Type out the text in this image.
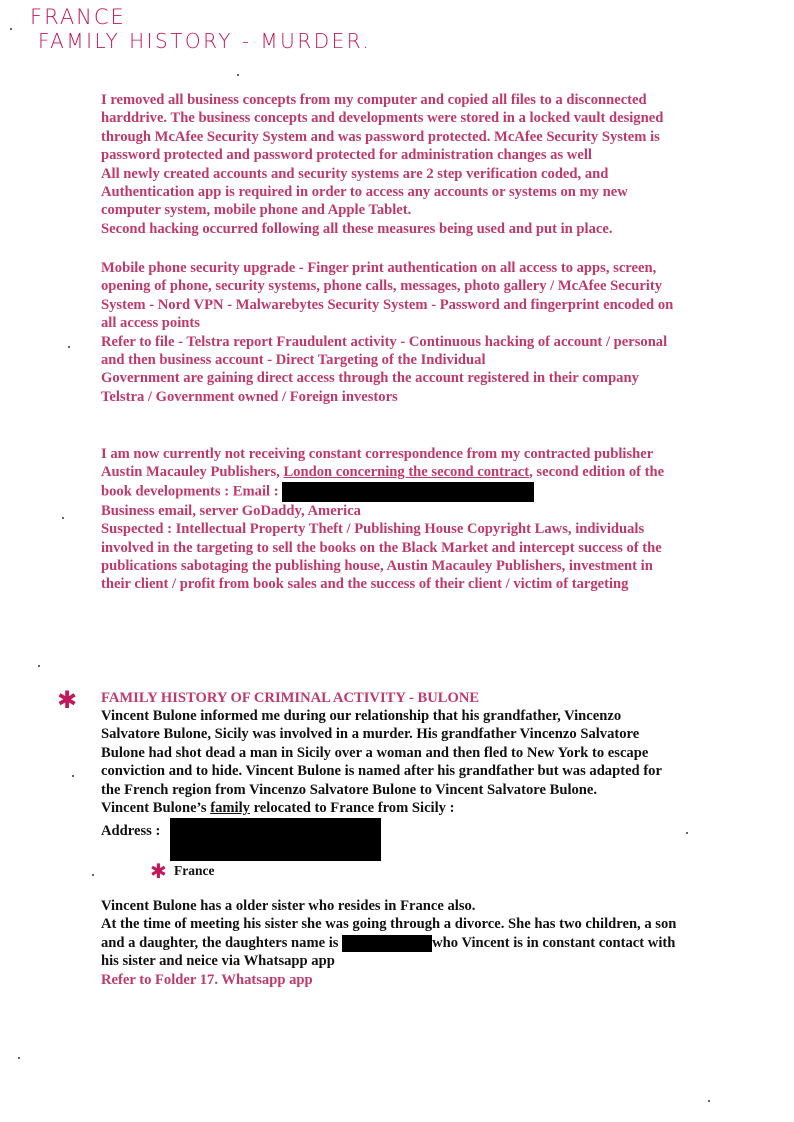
FRANCE

FAMILY HISTORY - MURDER.

I removed all business concepts from my computer and copied all files to a disconnected
harddrive. The business concepts and developments were stored in a locked vault designed
through McAfee Security System and was password protected. McAfee Security System is
password protected and password protected for administration changes as well
All newly created accounts and security systems are 2 step verification coded, and
Authentication app is required in order to access any accounts or systems on my new
computer system, mobile phone and Apple Tablet.
Second hacking occurred following all these measures being used and put in place.
Mobile phone security upgrade - Finger print authentication on all access to apps, screen,
opening of phone, security systems, phone calls, messages, photo gallery / McAfee Security
System - Nord VPN - Malwarebytes Security System - Password and fingerprint encoded on
all access points
Refer to file - Telstra report Fraudulent activity - Continuous hacking of account / personal
and then business account - Direct Targeting of the Individual
Government are gaining direct access through the account registered in their company
Telstra / Government owned / Foreign investors
I am now currently not receiving constant correspondence from my contracted publisher
Austin Macauley Publishers, London concerning the second contract, second edition of the
book developments : Email :
Business email, server GoDaddy, America
Suspected : Intellectual Property Theft / Publishing House Copyright Laws, individuals
involved in the targeting to sell the books on the Black Market and intercept success of the
publications sabotaging the publishing house, Austin Macauley Publishers, investment in
their client / profit from book sales and the success of their client / victim of targeting
✱
✱
FAMILY HISTORY OF CRIMINAL ACTIVITY - BULONE
Vincent Bulone informed me during our relationship that his grandfather, Vincenzo
Salvatore Bulone, Sicily was involved in a murder. His grandfather Vincenzo Salvatore
Bulone had shot dead a man in Sicily over a woman and then fled to New York to escape
conviction and to hide. Vincent Bulone is named after his grandfather but was adapted for
the French region from Vincenzo Salvatore Bulone to Vincent Salvatore Bulone.
Vincent Bulone’s family relocated to France from Sicily :
Address :
France
Vincent Bulone has a older sister who resides in France also.
At the time of meeting his sister she was going through a divorce. She has two children, a son
and a daughter, the daughters name is	who Vincent is in constant contact with
his sister and neice via Whatsapp app
Refer to Folder 17. Whatsapp app
